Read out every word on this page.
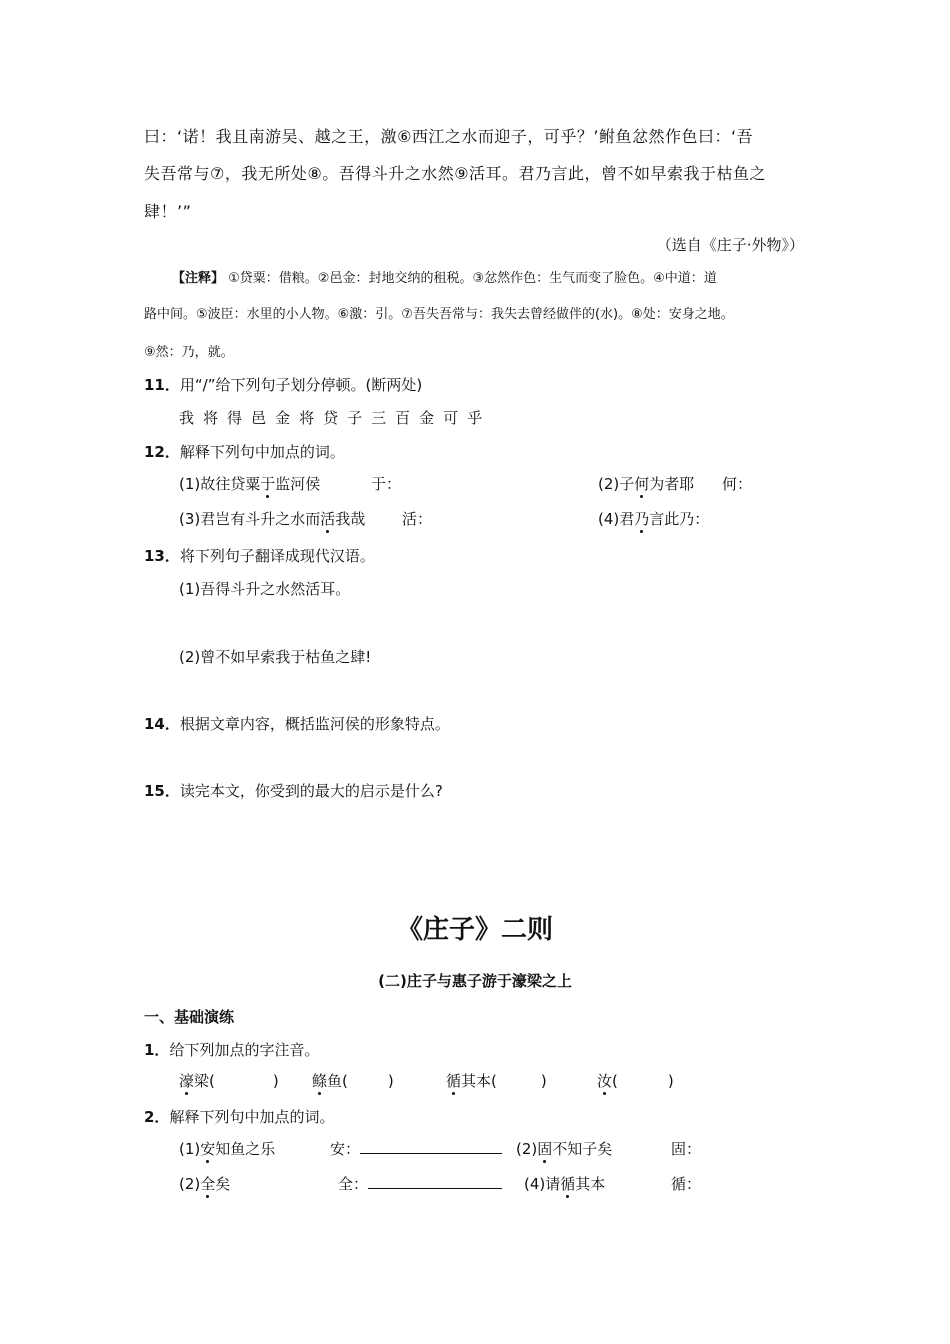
曰：‘诺！我且南游吴、越之王，激⑥西江之水而迎子，可乎？’鲋鱼忿然作色曰：‘吾
失吾常与⑦，我无所处⑧。吾得斗升之水然⑨活耳。君乃言此，曾不如早索我于枯鱼之
肆！’”
（选自《庄子·外物》）
【注释】 ①贷粟：借粮。②邑金：封地交纳的租税。③忿然作色：生气而变了脸色。④中道：道
路中间。⑤波臣：水里的小人物。⑥激：引。⑦吾失吾常与：我失去曾经做伴的(水)。⑧处：安身之地。
⑨然：乃，就。
11．用“/”给下列句子划分停顿。(断两处)
我 将 得 邑 金 将 贷 子 三 百 金 可 乎
12．解释下列句中加点的词。
(1)故往贷粟于监河侯	于：	(2)子何为者耶 何：
(3)君岂有斗升之水而活我哉 活：	(4)君乃言此乃：
13．将下列句子翻译成现代汉语。
(1)吾得斗升之水然活耳。
(2)曾不如早索我于枯鱼之肆!
14．根据文章内容，概括监河侯的形象特点。
15．读完本文，你受到的最大的启示是什么?
《庄子》二则
(二)庄子与惠子游于濠梁之上
一、基础演练
1．给下列加点的字注音。
濠梁(	) 鲦鱼(	)	循其本(	)	汝(	)
2．解释下列句中加点的词。
(1)安知鱼之乐	安：	(2)固不知子矣	固：
(2)全矣	全：	(4)请循其本	循：
